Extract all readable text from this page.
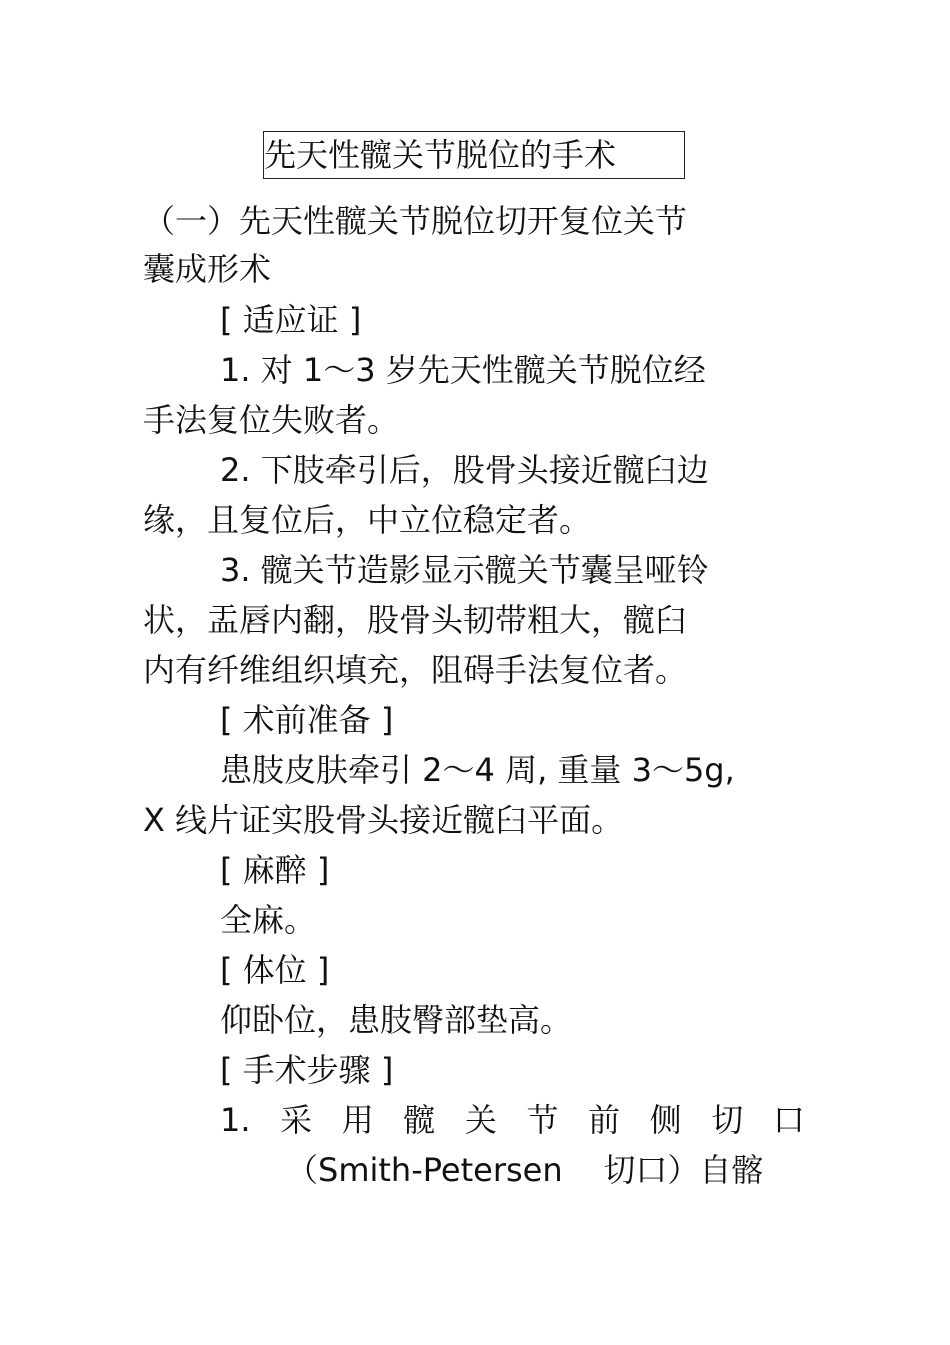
先天性髋关节脱位的手术
（一）先天性髋关节脱位切开复位关节
囊成形术
[ 适应证 ]
1. 对 1～3 岁先天性髋关节脱位经
手法复位失败者。
2. 下肢牵引后，股骨头接近髋臼边
缘，且复位后，中立位稳定者。
3. 髋关节造影显示髋关节囊呈哑铃
状，盂唇内翻，股骨头韧带粗大，髋臼
内有纤维组织填充，阻碍手法复位者。
[ 术前准备 ]
患肢皮肤牵引 2～4 周, 重量 3～5g,
X 线片证实股骨头接近髋臼平面。
[ 麻醉 ]
全麻。
[ 体位 ]
仰卧位，患肢臀部垫高。
[ 手术步骤 ]
1. 采 用 髋 关 节 前 侧 切 口
（Smith-Petersen    切口）自髂
